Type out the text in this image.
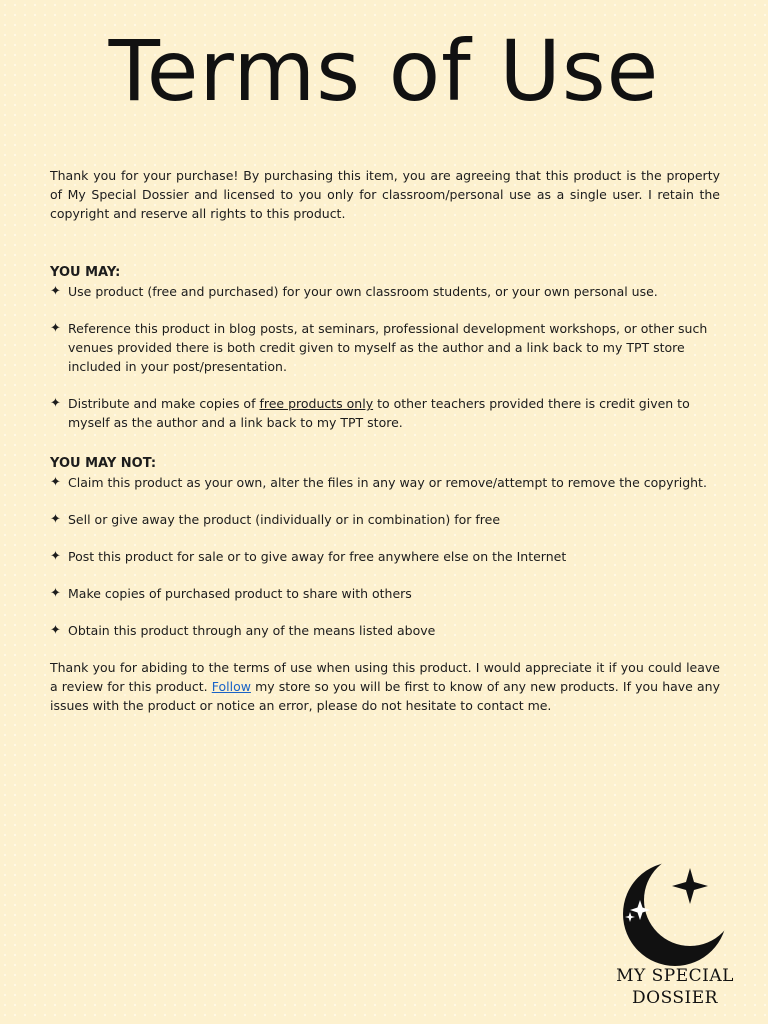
Terms of Use

Thank you for your purchase! By purchasing this item, you are agreeing that this product is the property of My Special Dossier and licensed to you only for classroom/personal use as a single user. I retain the copyright and reserve all rights to this product.

YOU MAY:
✦ Use product (free and purchased) for your own classroom students, or your own personal use.
✦ Reference this product in blog posts, at seminars, professional development workshops, or other such venues provided there is both credit given to myself as the author and a link back to my TPT store included in your post/presentation.
✦ Distribute and make copies of free products only to other teachers provided there is credit given to myself as the author and a link back to my TPT store.
YOU MAY NOT:
✦ Claim this product as your own, alter the files in any way or remove/attempt to remove the copyright.
✦ Sell or give away the product (individually or in combination) for free
✦ Post this product for sale or to give away for free anywhere else on the Internet
✦ Make copies of purchased product to share with others
✦ Obtain this product through any of the means listed above

Thank you for abiding to the terms of use when using this product. I would appreciate it if you could leave a review for this product. Follow my store so you will be first to know of any new products. If you have any issues with the product or notice an error, please do not hesitate to contact me.

MY SPECIAL
DOSSIER
